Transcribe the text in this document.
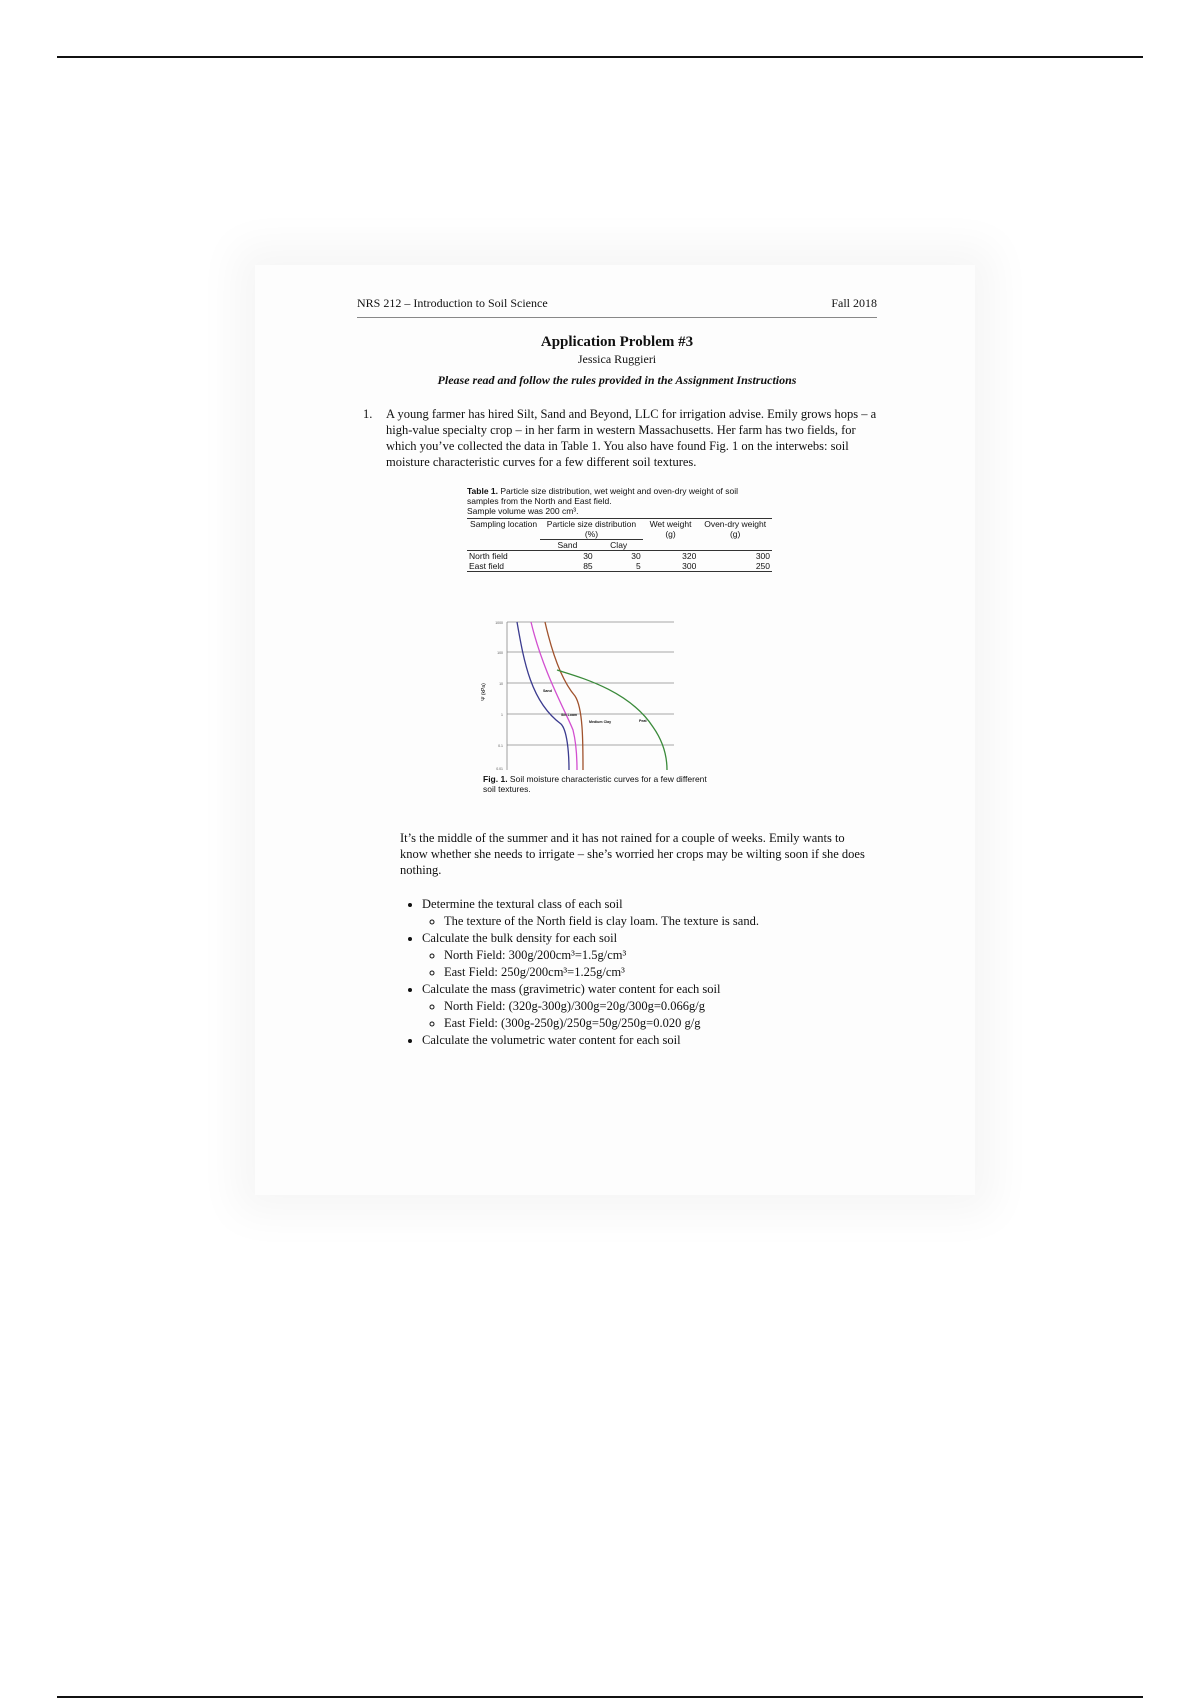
NRS 212 – Introduction to Soil Science	Fall 2018
Application Problem #3
Jessica Ruggieri
Please read and follow the rules provided in the Assignment Instructions
1.	A young farmer has hired Silt, Sand and Beyond, LLC for irrigation advise. Emily grows hops – a high-value specialty crop – in her farm in western Massachusetts. Her farm has two fields, for which you’ve collected the data in Table 1. You also have found Fig. 1 on the interwebs: soil moisture characteristic curves for a few different soil textures.
Table 1. Particle size distribution, wet weight and oven-dry weight of soil samples from the North and East field.
Sample volume was 200 cm³.
Sampling location	Particle size distribution (%)		Wet weight (g)	Oven-dry weight (g)
	Sand	Clay		
North field	30	30	320	300
East field	85	5	300	250
Ψ (kPa)
1000
100
10
1
0.1
0.01
Sand
Silt Loam
Medium Clay	Peat
Fig. 1. Soil moisture characteristic curves for a few different soil textures.
It’s the middle of the summer and it has not rained for a couple of weeks. Emily wants to know whether she needs to irrigate – she’s worried her crops may be wilting soon if she does nothing.
• Determine the textural class of each soil
◦ The texture of the North field is clay loam. The texture is sand.
• Calculate the bulk density for each soil
◦ North Field: 300g/200cm³=1.5g/cm³
◦ East Field: 250g/200cm³=1.25g/cm³
• Calculate the mass (gravimetric) water content for each soil
◦ North Field: (320g-300g)/300g=20g/300g=0.066g/g
◦ East Field: (300g-250g)/250g=50g/250g=0.020 g/g
• Calculate the volumetric water content for each soil
